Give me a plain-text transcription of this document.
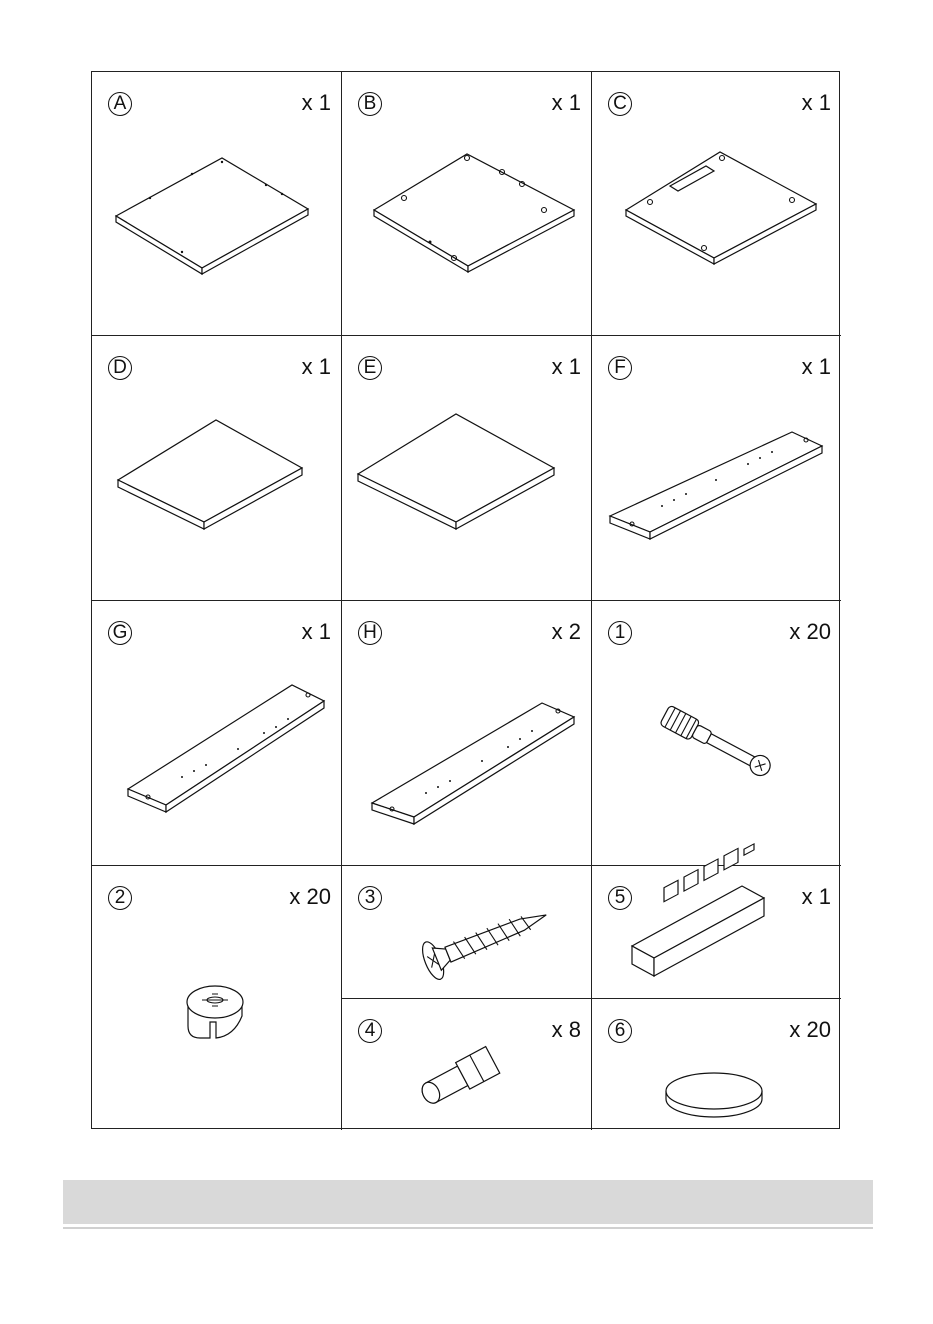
A	x 1 B	x 1 C	x 1
D	x 1 E	x 1	F	x 1
G	x 1 H	x 2	1	x 20
2	x 20	3	5	x 1
4	x 8	6	x 20
